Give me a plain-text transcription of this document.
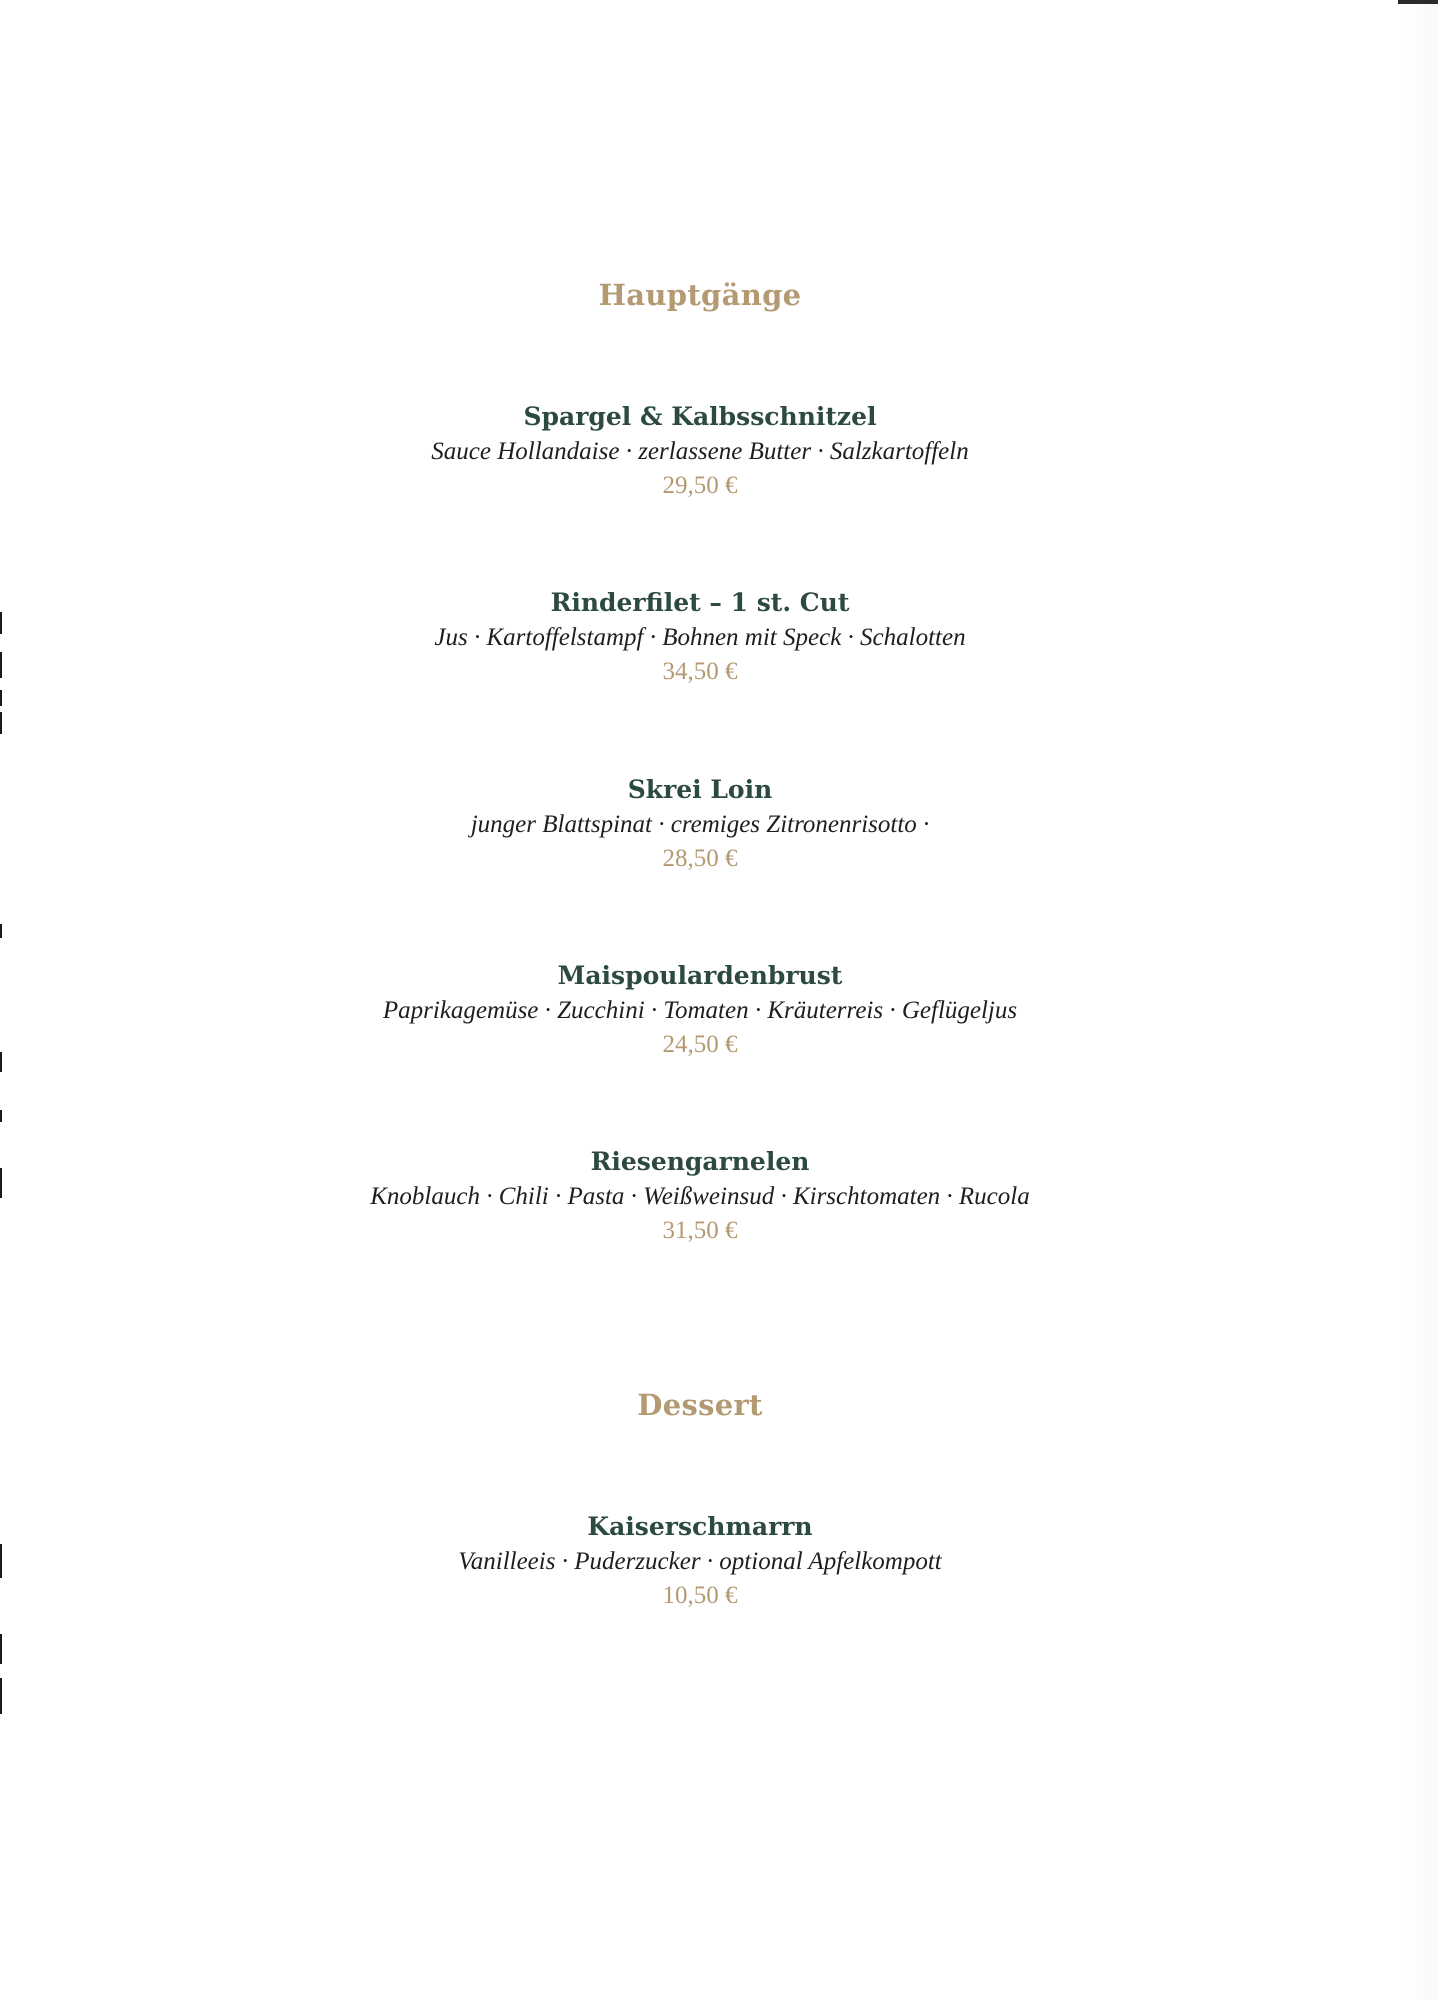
Hauptgänge
Spargel & Kalbsschnitzel
Sauce Hollandaise · zerlassene Butter · Salzkartoffeln
29,50 €
Rinderfilet – 1 st. Cut
Jus · Kartoffelstampf · Bohnen mit Speck · Schalotten
34,50 €
Skrei Loin
junger Blattspinat · cremiges Zitronenrisotto ·
28,50 €
Maispoulardenbrust
Paprikagemüse · Zucchini · Tomaten · Kräuterreis · Geflügeljus
24,50 €
Riesengarnelen
Knoblauch · Chili · Pasta · Weißweinsud · Kirschtomaten · Rucola
31,50 €
Dessert
Kaiserschmarrn
Vanilleeis · Puderzucker · optional Apfelkompott
10,50 €
